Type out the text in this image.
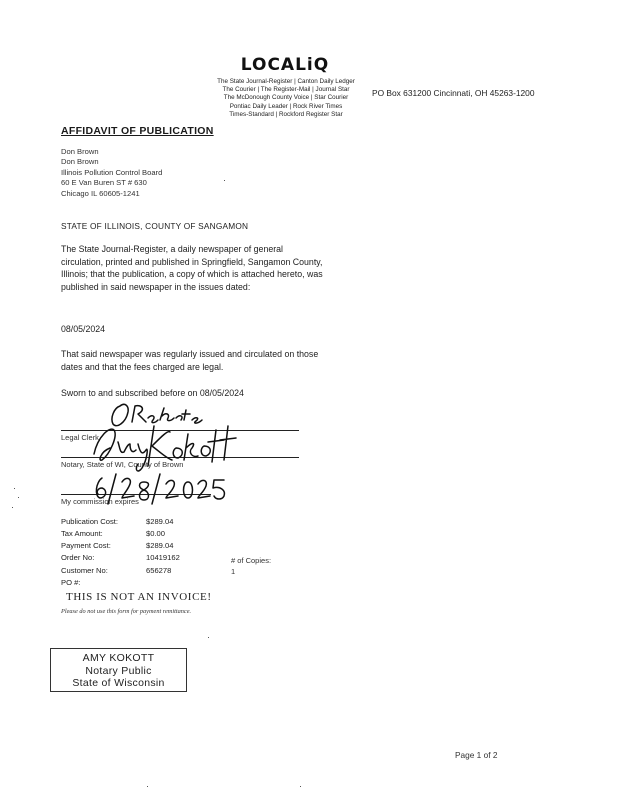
LOCALiQ
The State Journal-Register | Canton Daily Ledger
The Courier | The Register-Mail | Journal Star
The McDonough County Voice | Star Courier
Pontiac Daily Leader | Rock River Times
Times-Standard | Rockford Register Star
PO Box 631200 Cincinnati, OH 45263-1200
AFFIDAVIT OF PUBLICATION
Don Brown
Don Brown
Illinois Pollution Control Board
60 E Van Buren ST # 630
Chicago IL 60605-1241
STATE OF ILLINOIS, COUNTY OF SANGAMON
The State Journal-Register, a daily newspaper of general circulation, printed and published in Springfield, Sangamon County, Illinois; that the publication, a copy of which is attached hereto, was published in said newspaper in the issues dated:
08/05/2024
That said newspaper was regularly issued and circulated on those dates and that the fees charged are legal.
Sworn to and subscribed before on 08/05/2024
Legal Clerk
Notary, State of WI, County of Brown
My commission expires
Publication Cost:	$289.04
Tax Amount:	$0.00
Payment Cost:	$289.04
Order No:	10419162
Customer No:	656278
PO #:
# of Copies:
1
THIS IS NOT AN INVOICE!
Please do not use this form for payment remittance.
AMY KOKOTT
Notary Public
State of Wisconsin
Page 1 of 2
